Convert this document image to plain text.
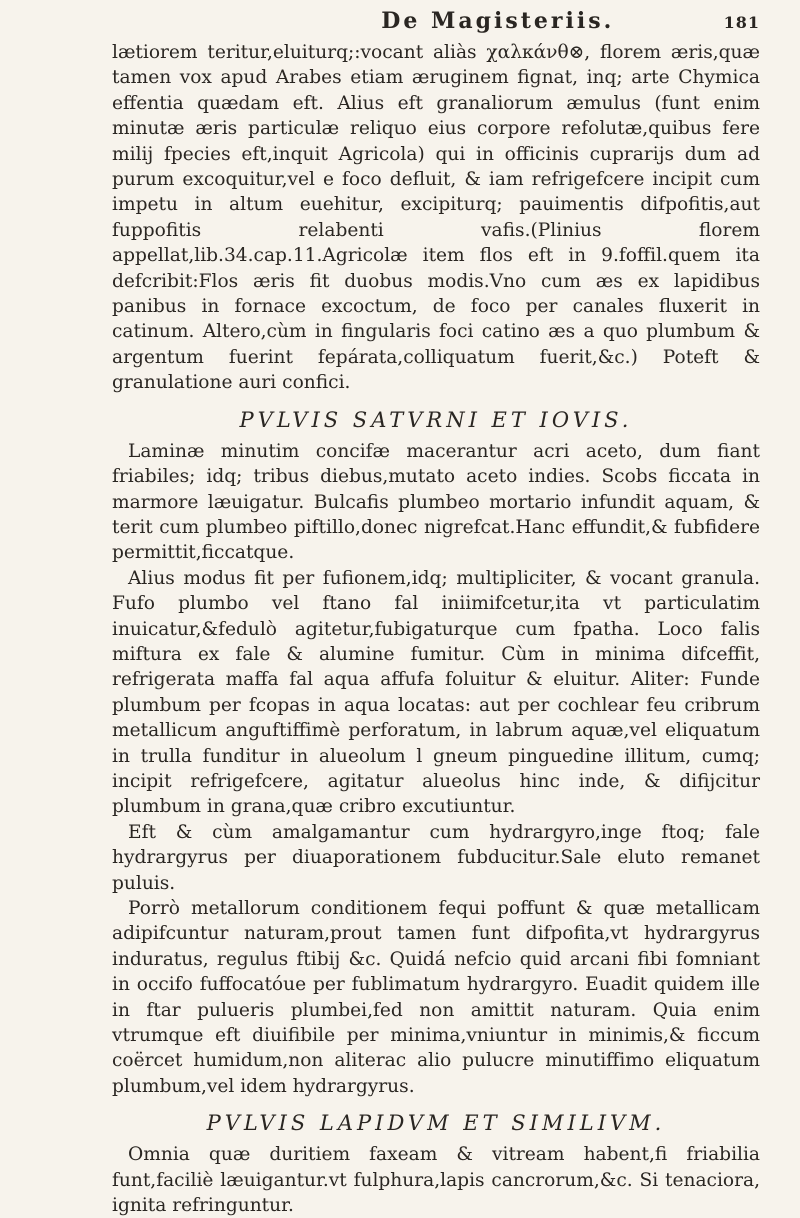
De Magisteriis.	181

lætiorem teritur,eluiturq;:vocant aliàs χαλκάνθ⊗, florem æris,quæ tamen vox apud Arabes etiam æruginem fignat, inq; arte Chymica effentia quædam eft. Alius eft granaliorum æmulus (funt enim minutæ æris particulæ reliquo eius corpore refolutæ,quibus fere milij fpecies eft,inquit Agricola) qui in officinis cuprarijs dum ad purum excoquitur,vel e foco defluit, & iam refrigefcere incipit cum impetu in altum euehitur, excipiturq; pauimentis difpofitis,aut fuppofitis relabenti vafis.(Plinius florem appellat,lib.34.cap.11.Agricolæ item flos eft in 9.foffil.quem ita defcribit:Flos æris fit duobus modis.Vno cum æs ex lapidibus panibus in fornace excoctum, de foco per canales fluxerit in catinum. Altero,cùm in fingularis foci catino æs a quo plumbum & argentum fuerint fepárata,colliquatum fuerit,&c.) Poteft & granulatione auri confici.

PVLVIS SATVRNI ET IOVIS.

Laminæ minutim concifæ macerantur acri aceto, dum fiant friabiles; idq; tribus diebus,mutato aceto indies. Scobs ficcata in marmore læuigatur. Bulcafis plumbeo mortario infundit aquam, & terit cum plumbeo piftillo,donec nigrefcat.Hanc effundit,& fubfidere permittit,ficcatque.

Alius modus fit per fufionem,idq; multipliciter, & vocant granula. Fufo plumbo vel ftano fal iniimifcetur,ita vt particulatim inuicatur,&fedulò agitetur,fubigaturque cum fpatha. Loco falis miftura ex fale & alumine fumitur. Cùm in minima difceffit, refrigerata maffa fal aqua affufa foluitur & eluitur. Aliter: Funde plumbum per fcopas in aqua locatas: aut per cochlear feu cribrum metallicum anguftiffimè perforatum, in labrum aquæ,vel eliquatum in trulla funditur in alueolum l gneum pinguedine illitum, cumq; incipit refrigefcere, agitatur alueolus hinc inde, & difijcitur plumbum in grana,quæ cribro excutiuntur.

Eft & cùm amalgamantur cum hydrargyro,inge ftoq; fale hydrargyrus per diuaporationem fubducitur.Sale eluto remanet puluis.

Porrò metallorum conditionem fequi poffunt & quæ metallicam adipifcuntur naturam,prout tamen funt difpofita,vt hydrargyrus induratus, regulus ftibij &c. Quidá nefcio quid arcani fibi fomniant in occifo fuffocatóue per fublimatum hydrargyro. Euadit quidem ille in ftar pulueris plumbei,fed non amittit naturam. Quia enim vtrumque eft diuifibile per minima,vniuntur in minimis,& ficcum coërcet humidum,non aliterac alio pulucre minutiffimo eliquatum plumbum,vel idem hydrargyrus.

PVLVIS LAPIDVM ET SIMILIVM.

Omnia quæ duritiem faxeam & vitream habent,fi friabilia funt,faciliè læuigantur.vt fulphura,lapis cancrorum,&c. Si tenaciora, ignita refringuntur.
